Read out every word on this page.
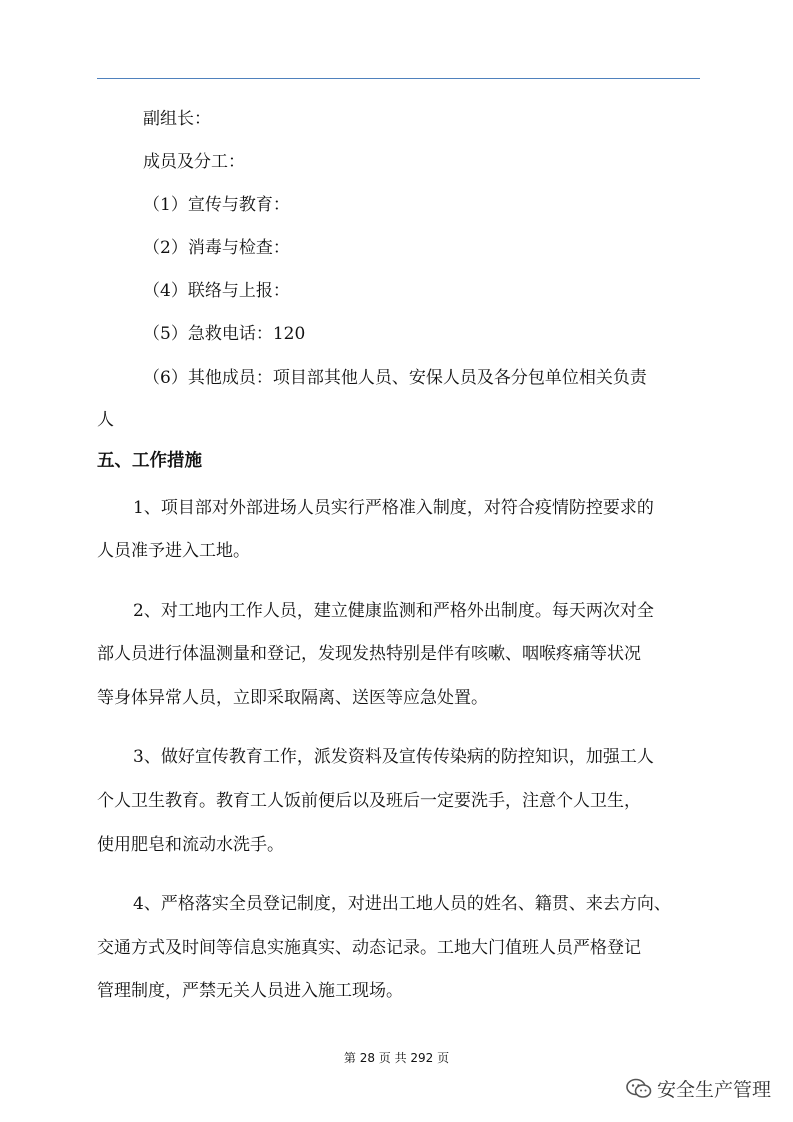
副组长：
成员及分工：
（1）宣传与教育：
（2）消毒与检查：
（4）联络与上报：
（5）急救电话：120
（6）其他成员：项目部其他人员、安保人员及各分包单位相关负责
人
五、工作措施
1、项目部对外部进场人员实行严格准入制度，对符合疫情防控要求的
人员准予进入工地。
2、对工地内工作人员，建立健康监测和严格外出制度。每天两次对全
部人员进行体温测量和登记，发现发热特别是伴有咳嗽、咽喉疼痛等状况
等身体异常人员，立即采取隔离、送医等应急处置。
3、做好宣传教育工作，派发资料及宣传传染病的防控知识，加强工人
个人卫生教育。教育工人饭前便后以及班后一定要洗手，注意个人卫生，
使用肥皂和流动水洗手。
4、严格落实全员登记制度，对进出工地人员的姓名、籍贯、来去方向、
交通方式及时间等信息实施真实、动态记录。工地大门值班人员严格登记
管理制度，严禁无关人员进入施工现场。
第 28 页 共 292 页
安全生产管理
